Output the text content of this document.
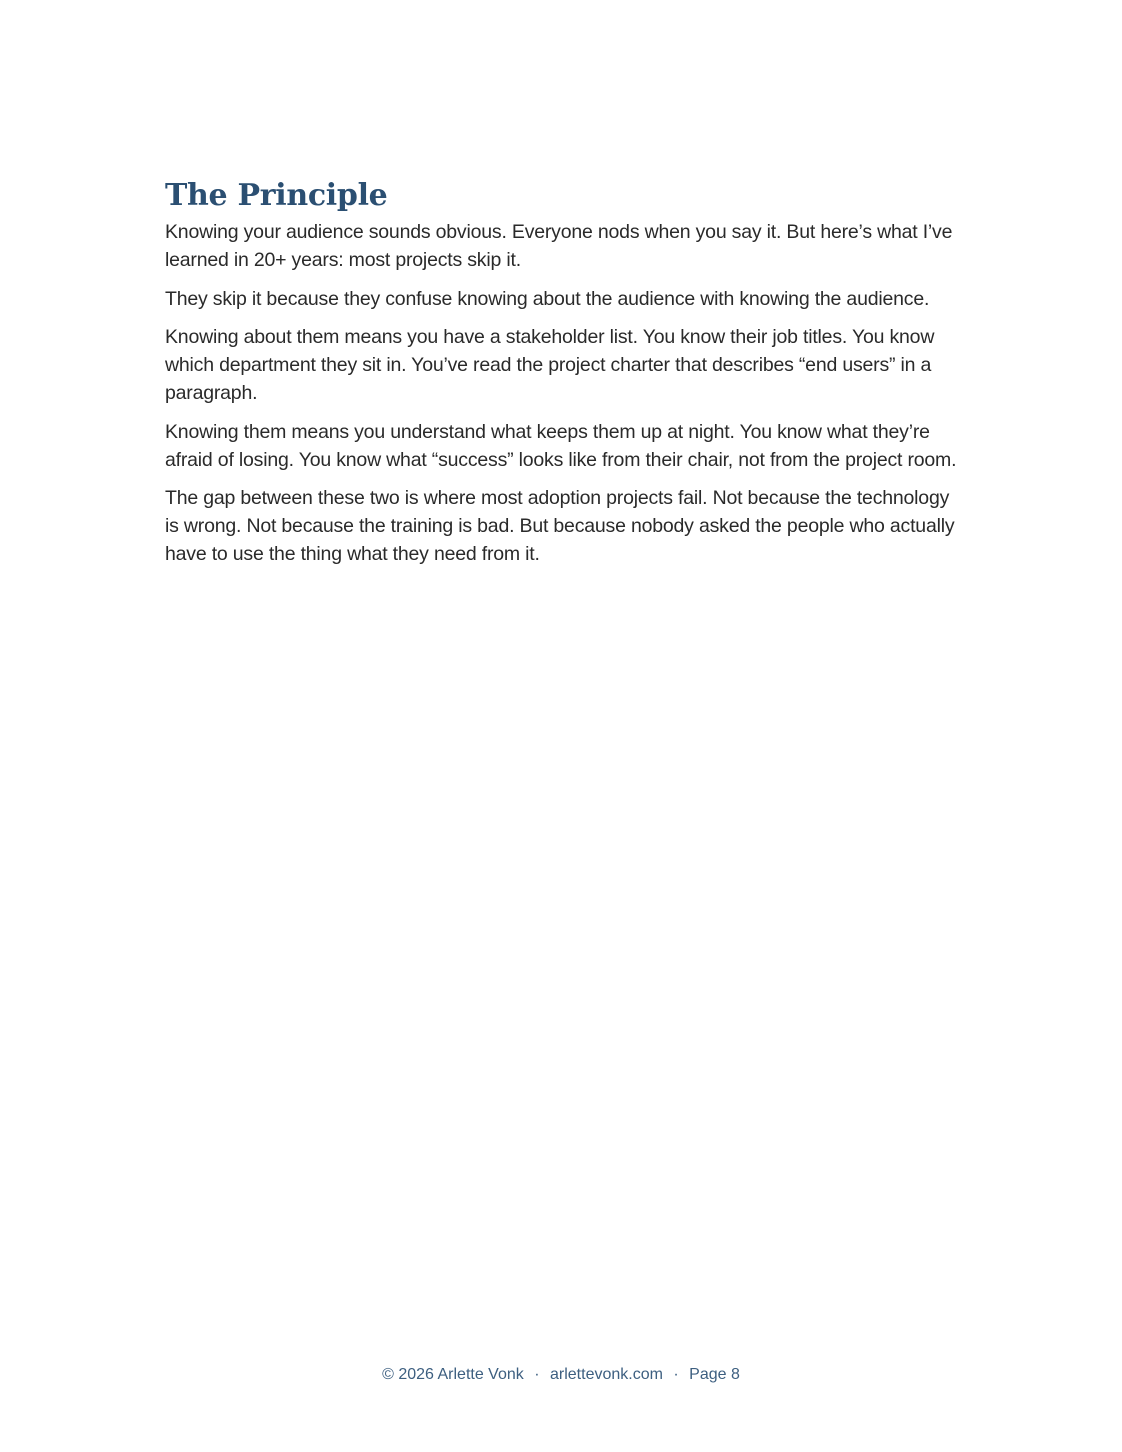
The Principle

Knowing your audience sounds obvious. Everyone nods when you say it. But here’s what I’ve learned in 20+ years: most projects skip it.

They skip it because they confuse knowing about the audience with knowing the audience.

Knowing about them means you have a stakeholder list. You know their job titles. You know which department they sit in. You’ve read the project charter that describes “end users” in a paragraph.

Knowing them means you understand what keeps them up at night. You know what they’re afraid of losing. You know what “success” looks like from their chair, not from the project room.

The gap between these two is where most adoption projects fail. Not because the technology is wrong. Not because the training is bad. But because nobody asked the people who actually have to use the thing what they need from it.

© 2026 Arlette Vonk · arlettevonk.com · Page 8
